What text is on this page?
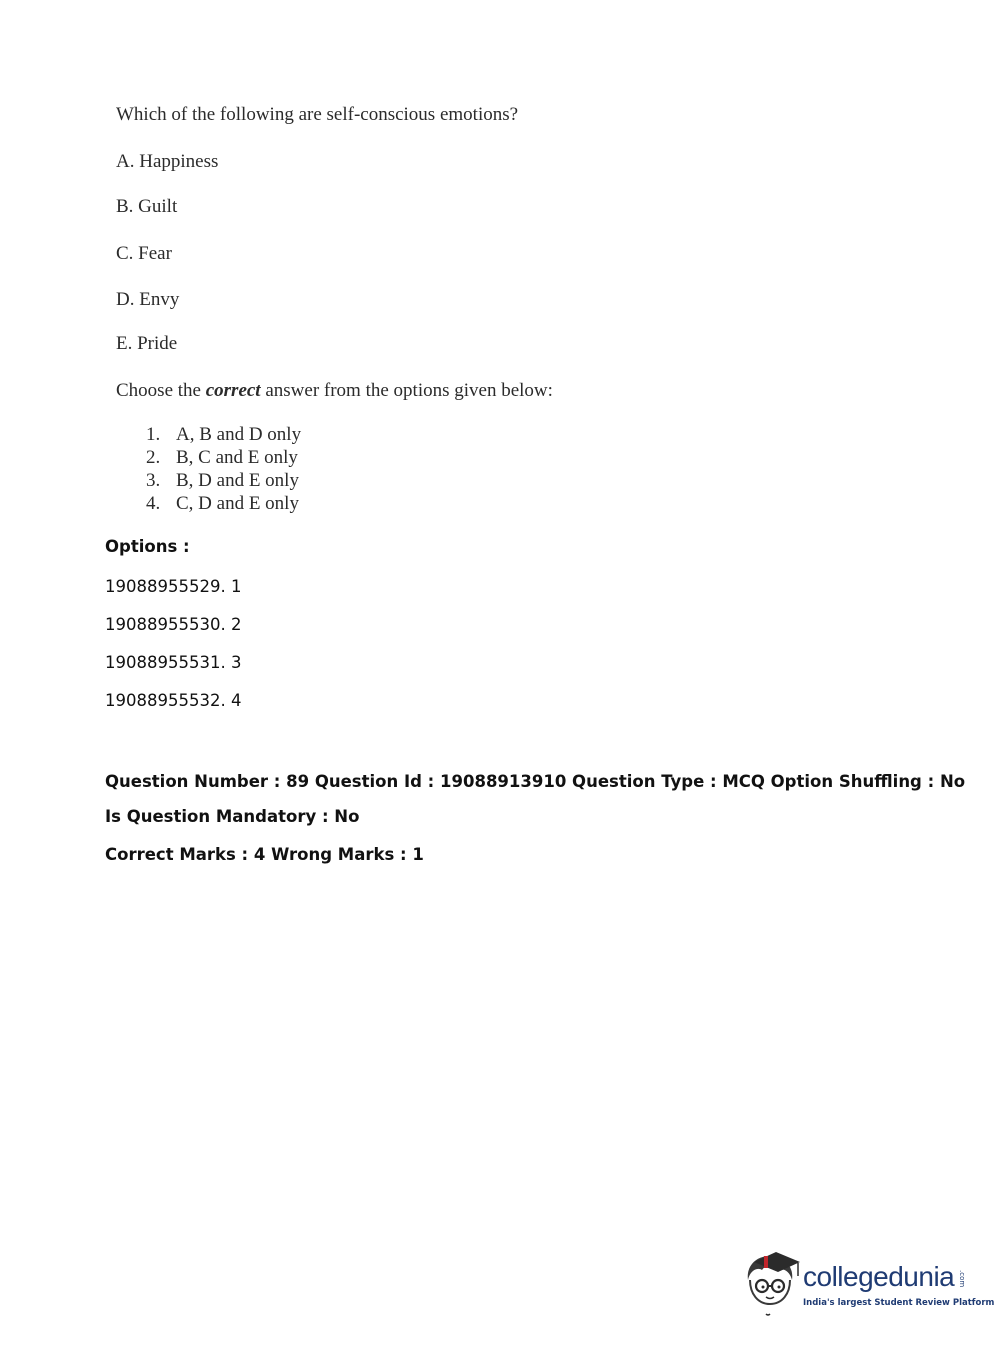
Which of the following are self-conscious emotions?
A. Happiness
B. Guilt
C. Fear
D. Envy
E. Pride
Choose the correct answer from the options given below:
1. A, B and D only
2. B, C and E only
3. B, D and E only
4. C, D and E only
Options :
19088955529. 1
19088955530. 2
19088955531. 3
19088955532. 4
Question Number : 89 Question Id : 19088913910 Question Type : MCQ Option Shuffling : No
Is Question Mandatory : No
Correct Marks : 4 Wrong Marks : 1
collegedunia .com
India's largest Student Review Platform
